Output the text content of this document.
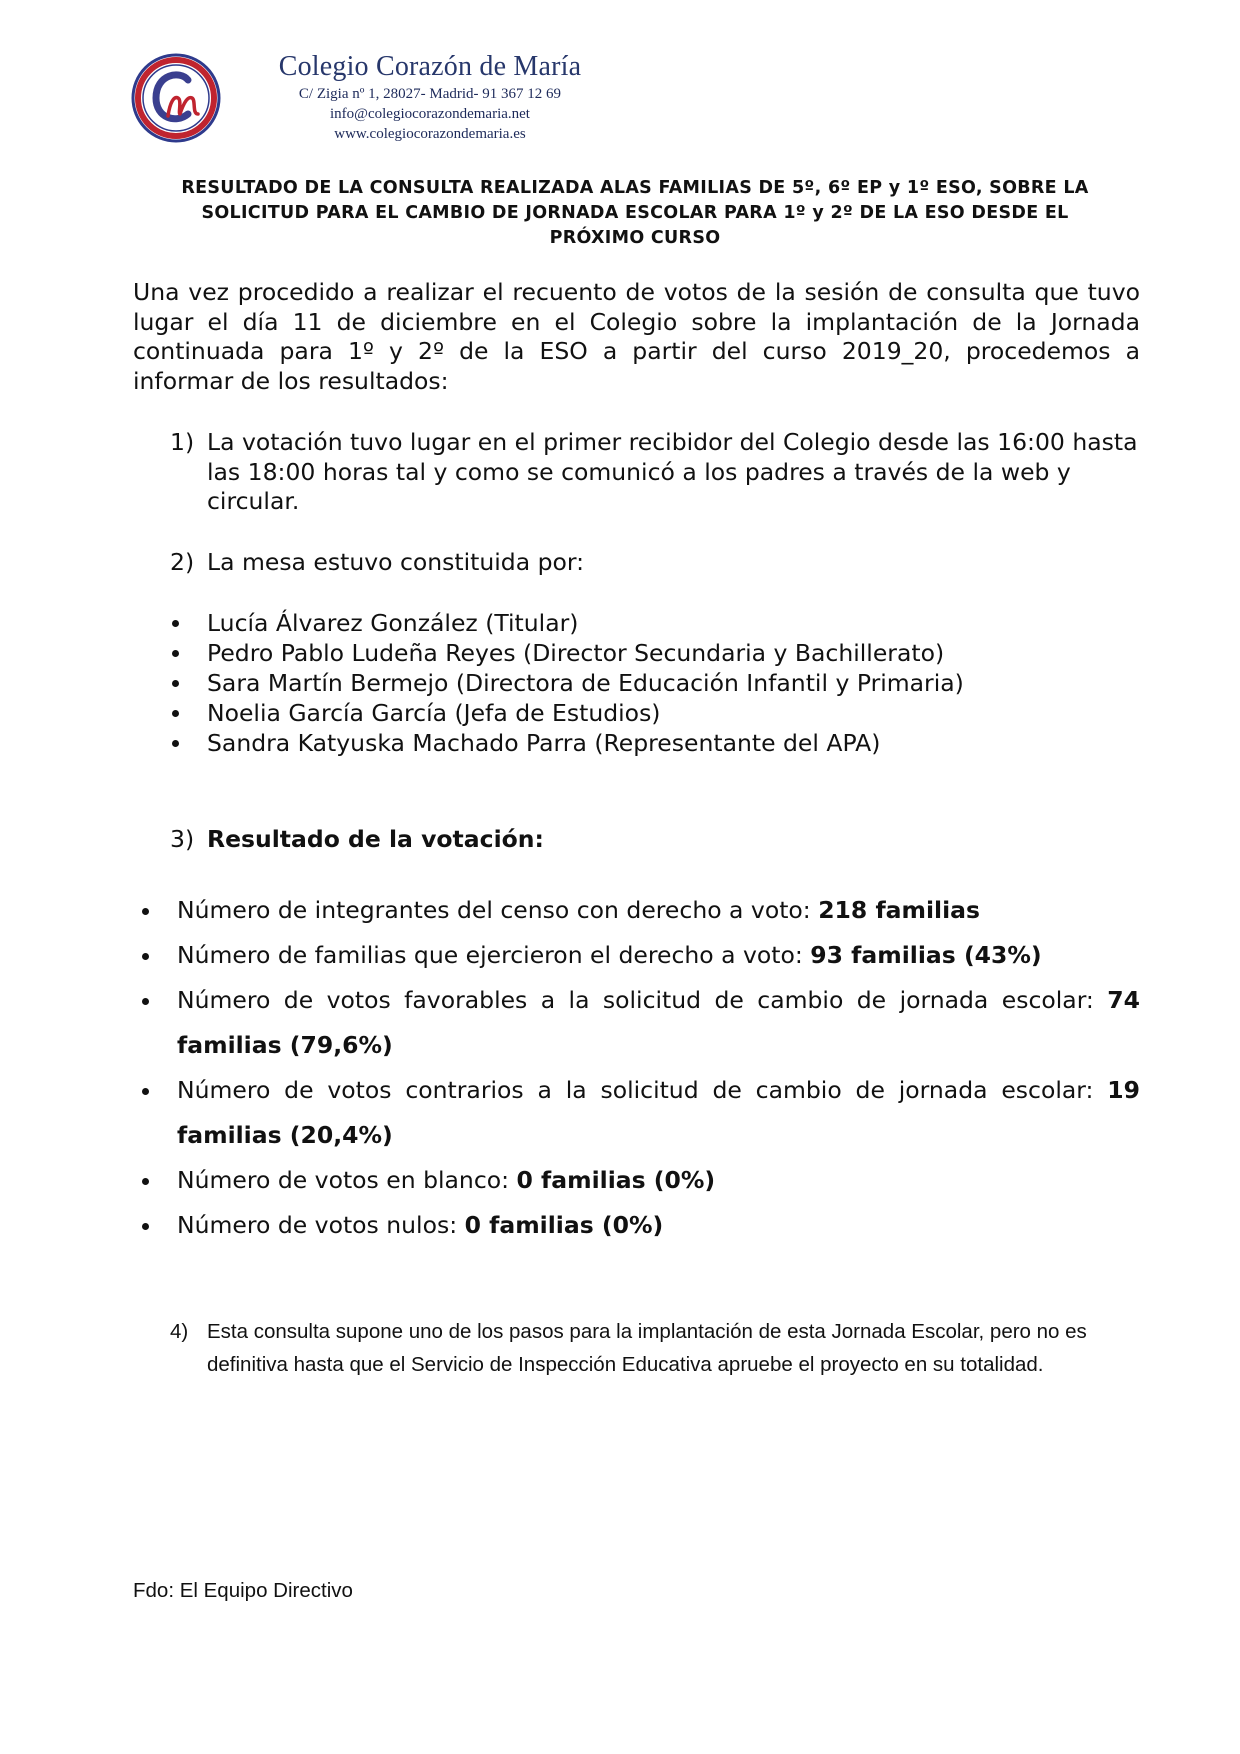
Colegio Corazón de María
C/ Zigia nº 1, 28027- Madrid- 91 367 12 69
info@colegiocorazondemaria.net
www.colegiocorazondemaria.es
RESULTADO DE LA CONSULTA REALIZADA ALAS FAMILIAS DE 5º, 6º EP y 1º ESO, SOBRE LA
SOLICITUD PARA EL CAMBIO DE JORNADA ESCOLAR PARA 1º y 2º DE LA ESO DESDE EL
PRÓXIMO CURSO

Una vez procedido a realizar el recuento de votos de la sesión de consulta que tuvo lugar el día 11 de diciembre en el Colegio sobre la implantación de la Jornada continuada para 1º y 2º de la ESO a partir del curso 2019_20, procedemos a informar de los resultados:

1) La votación tuvo lugar en el primer recibidor del Colegio desde las 16:00 hasta las 18:00 horas tal y como se comunicó a los padres a través de la web y circular.
2) La mesa estuvo constituida por:
Lucía Álvarez González (Titular)
Pedro Pablo Ludeña Reyes (Director Secundaria y Bachillerato)
Sara Martín Bermejo (Directora de Educación Infantil y Primaria)
Noelia García García (Jefa de Estudios)
Sandra Katyuska Machado Parra (Representante del APA)
3) Resultado de la votación:
Número de integrantes del censo con derecho a voto: 218 familias
Número de familias que ejercieron el derecho a voto: 93 familias (43%)
Número de votos favorables a la solicitud de cambio de jornada escolar: 74 familias (79,6%)
Número de votos contrarios a la solicitud de cambio de jornada escolar: 19 familias (20,4%)
Número de votos en blanco: 0 familias (0%)
Número de votos nulos: 0 familias (0%)
4) Esta consulta supone uno de los pasos para la implantación de esta Jornada Escolar, pero no es definitiva hasta que el Servicio de Inspección Educativa apruebe el proyecto en su totalidad.
Fdo: El Equipo Directivo
